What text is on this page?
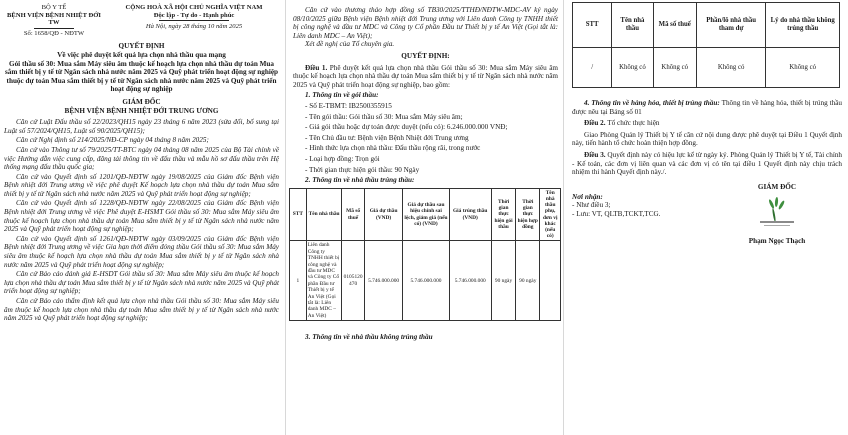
BỘ Y TẾ
BỆNH VIỆN BỆNH NHIỆT ĐỚI TW
Số: 1658/QĐ - NĐTW
CỘNG HOÀ XÃ HỘI CHỦ NGHĨA VIỆT NAM
Độc lập - Tự do - Hạnh phúc
Hà Nội, ngày 28 tháng 10 năm 2025
QUYẾT ĐỊNH
Về việc phê duyệt kết quả lựa chọn nhà thầu qua mạng
Gói thầu số 30: Mua sắm Máy siêu âm thuộc kế hoạch lựa chọn nhà thầu dự toán Mua sắm thiết bị y tế từ Ngân sách nhà nước năm 2025 và Quỹ phát triển hoạt động sự nghiệp thuộc dự toán Mua sắm thiết bị y tế từ Ngân sách nhà nước năm 2025 và Quỹ phát triển hoạt động sự nghiệp
GIÁM ĐỐC
BỆNH VIỆN BỆNH NHIỆT ĐỚI TRUNG ƯƠNG

Căn cứ Luật Đấu thầu số 22/2023/QH15 ngày 23 tháng 6 năm 2023 (sửa đổi, bổ sung tại Luật số 57/2024/QH15, Luật số 90/2025/QH15);

Căn cứ Nghị định số 214/2025/NĐ-CP ngày 04 tháng 8 năm 2025;

Căn cứ vào Thông tư số 79/2025/TT-BTC ngày 04 tháng 08 năm 2025 của Bộ Tài chính về việc Hướng dẫn việc cung cấp, đăng tải thông tin về đấu thầu và mẫu hồ sơ đấu thầu trên Hệ thống mạng đấu thầu quốc gia;

Căn cứ vào Quyết định số 1201/QĐ-NĐTW ngày 19/08/2025 của Giám đốc Bệnh viện Bệnh nhiệt đới Trung ương về việc phê duyệt Kế hoạch lựa chọn nhà thầu dự toán Mua sắm thiết bị y tế từ Ngân sách nhà nước năm 2025 và Quỹ phát triển hoạt động sự nghiệp;

Căn cứ vào Quyết định số 1228/QĐ-NĐTW ngày 22/08/2025 của Giám đốc Bệnh viện Bệnh nhiệt đới Trung ương về việc Phê duyệt E-HSMT Gói thầu số 30: Mua sắm Máy siêu âm thuộc kế hoạch lựa chọn nhà thầu dự toán Mua sắm thiết bị y tế từ Ngân sách nhà nước năm 2025 và Quỹ phát triển hoạt động sự nghiệp;

Căn cứ vào Quyết định số 1261/QĐ-NĐTW ngày 03/09/2025 của Giám đốc Bệnh viện Bệnh nhiệt đới Trung ương về việc Gia hạn thời điểm đóng thầu Gói thầu số 30: Mua sắm Máy siêu âm thuộc kế hoạch lựa chọn nhà thầu dự toán Mua sắm thiết bị y tế từ Ngân sách nhà nước năm 2025 và Quỹ phát triển hoạt động sự nghiệp;

Căn cứ Báo cáo đánh giá E-HSDT Gói thầu số 30: Mua sắm Máy siêu âm thuộc kế hoạch lựa chọn nhà thầu dự toán Mua sắm thiết bị y tế từ Ngân sách nhà nước năm 2025 và Quỹ phát triển hoạt động sự nghiệp;

Căn cứ Báo cáo thẩm định kết quả lựa chọn nhà thầu Gói thầu số 30: Mua sắm Máy siêu âm thuộc kế hoạch lựa chọn nhà thầu dự toán Mua sắm thiết bị y tế từ Ngân sách nhà nước năm 2025 và Quỹ phát triển hoạt động sự nghiệp;

Căn cứ vào thương thảo hợp đồng số TB30/2025/TTHĐ/NĐTW-MDC-AV ký ngày 08/10/2025 giữa Bệnh viện Bệnh nhiệt đới Trung ương với Liên danh Công ty TNHH thiết bị công nghệ và đầu tư MDC và Công ty Cổ phần Đầu tư Thiết bị y tế An Việt (Gọi tắt là: Liên danh MDC – An Việt);

Xét đề nghị của Tổ chuyên gia.

QUYẾT ĐỊNH:

Điều 1. Phê duyệt kết quả lựa chọn nhà thầu Gói thầu số 30: Mua sắm Máy siêu âm thuộc kế hoạch lựa chọn nhà thầu dự toán Mua sắm thiết bị y tế từ Ngân sách nhà nước năm 2025 và Quỹ phát triển hoạt động sự nghiệp, bao gồm:

1. Thông tin về gói thầu:

- Số E-TBMT: IB2500355915

- Tên gói thầu: Gói thầu số 30: Mua sắm Máy siêu âm;

- Giá gói thầu hoặc dự toán được duyệt (nếu có): 6.246.000.000 VNĐ;

- Tên Chủ đầu tư: Bệnh viện Bệnh Nhiệt đới Trung ương

- Hình thức lựa chọn nhà thầu: Đấu thầu rộng rãi, trong nước

- Loại hợp đồng: Trọn gói

- Thời gian thực hiện gói thầu: 90 Ngày

2. Thông tin về nhà thầu trúng thầu:

STT	Tên nhà thầu	Mã số thuế	Giá dự thầu (VND)	Giá dự thầu sau hiệu chỉnh sai lệch, giảm giá (nếu có) (VND)	Giá trúng thầu (VND)	Thời gian thực hiện gói thầu	Thời gian thực hiện hợp đồng	Tên nhà thầu phụ, đơn vị khác (nếu có)
1	Liên danh Công ty TNHH thiết bị công nghệ và đầu tư MDC và Công ty Cổ phần Đầu tư Thiết bị y tế An Việt (Gọi tắt là: Liên danh MDC – An Việt)	0105120470	5.746.000.000	5.746.000.000	5.746.000.000	90 ngày	90 ngày	

3. Thông tin về nhà thầu không trúng thầu

STT	Tên nhà thầu	Mã số thuế	Phần/lô nhà thầu tham dự	Lý do nhà thầu không trúng thầu
/	Không có	Không có	Không có	Không có

4. Thông tin về hàng hóa, thiết bị trúng thầu: Thông tin về hàng hóa, thiết bị trúng thầu được nêu tại Bảng số 01

Điều 2. Tổ chức thực hiện

Giao Phòng Quản lý Thiết bị Y tế căn cứ nội dung được phê duyệt tại Điều 1 Quyết định này, tiến hành tổ chức hoàn thiện hợp đồng.

Điều 3. Quyết định này có hiệu lực kể từ ngày ký. Phòng Quản lý Thiết bị Y tế, Tài chính - Kế toán, các đơn vị liên quan và các đơn vị có tên tại điều 1 Quyết định này chịu trách nhiệm thi hành Quyết định này./.

Nơi nhận:
- Như điều 3;
- Lưu: VT, QLTB,TCKT,TCG.
GIÁM ĐỐC
Phạm Ngọc Thạch
